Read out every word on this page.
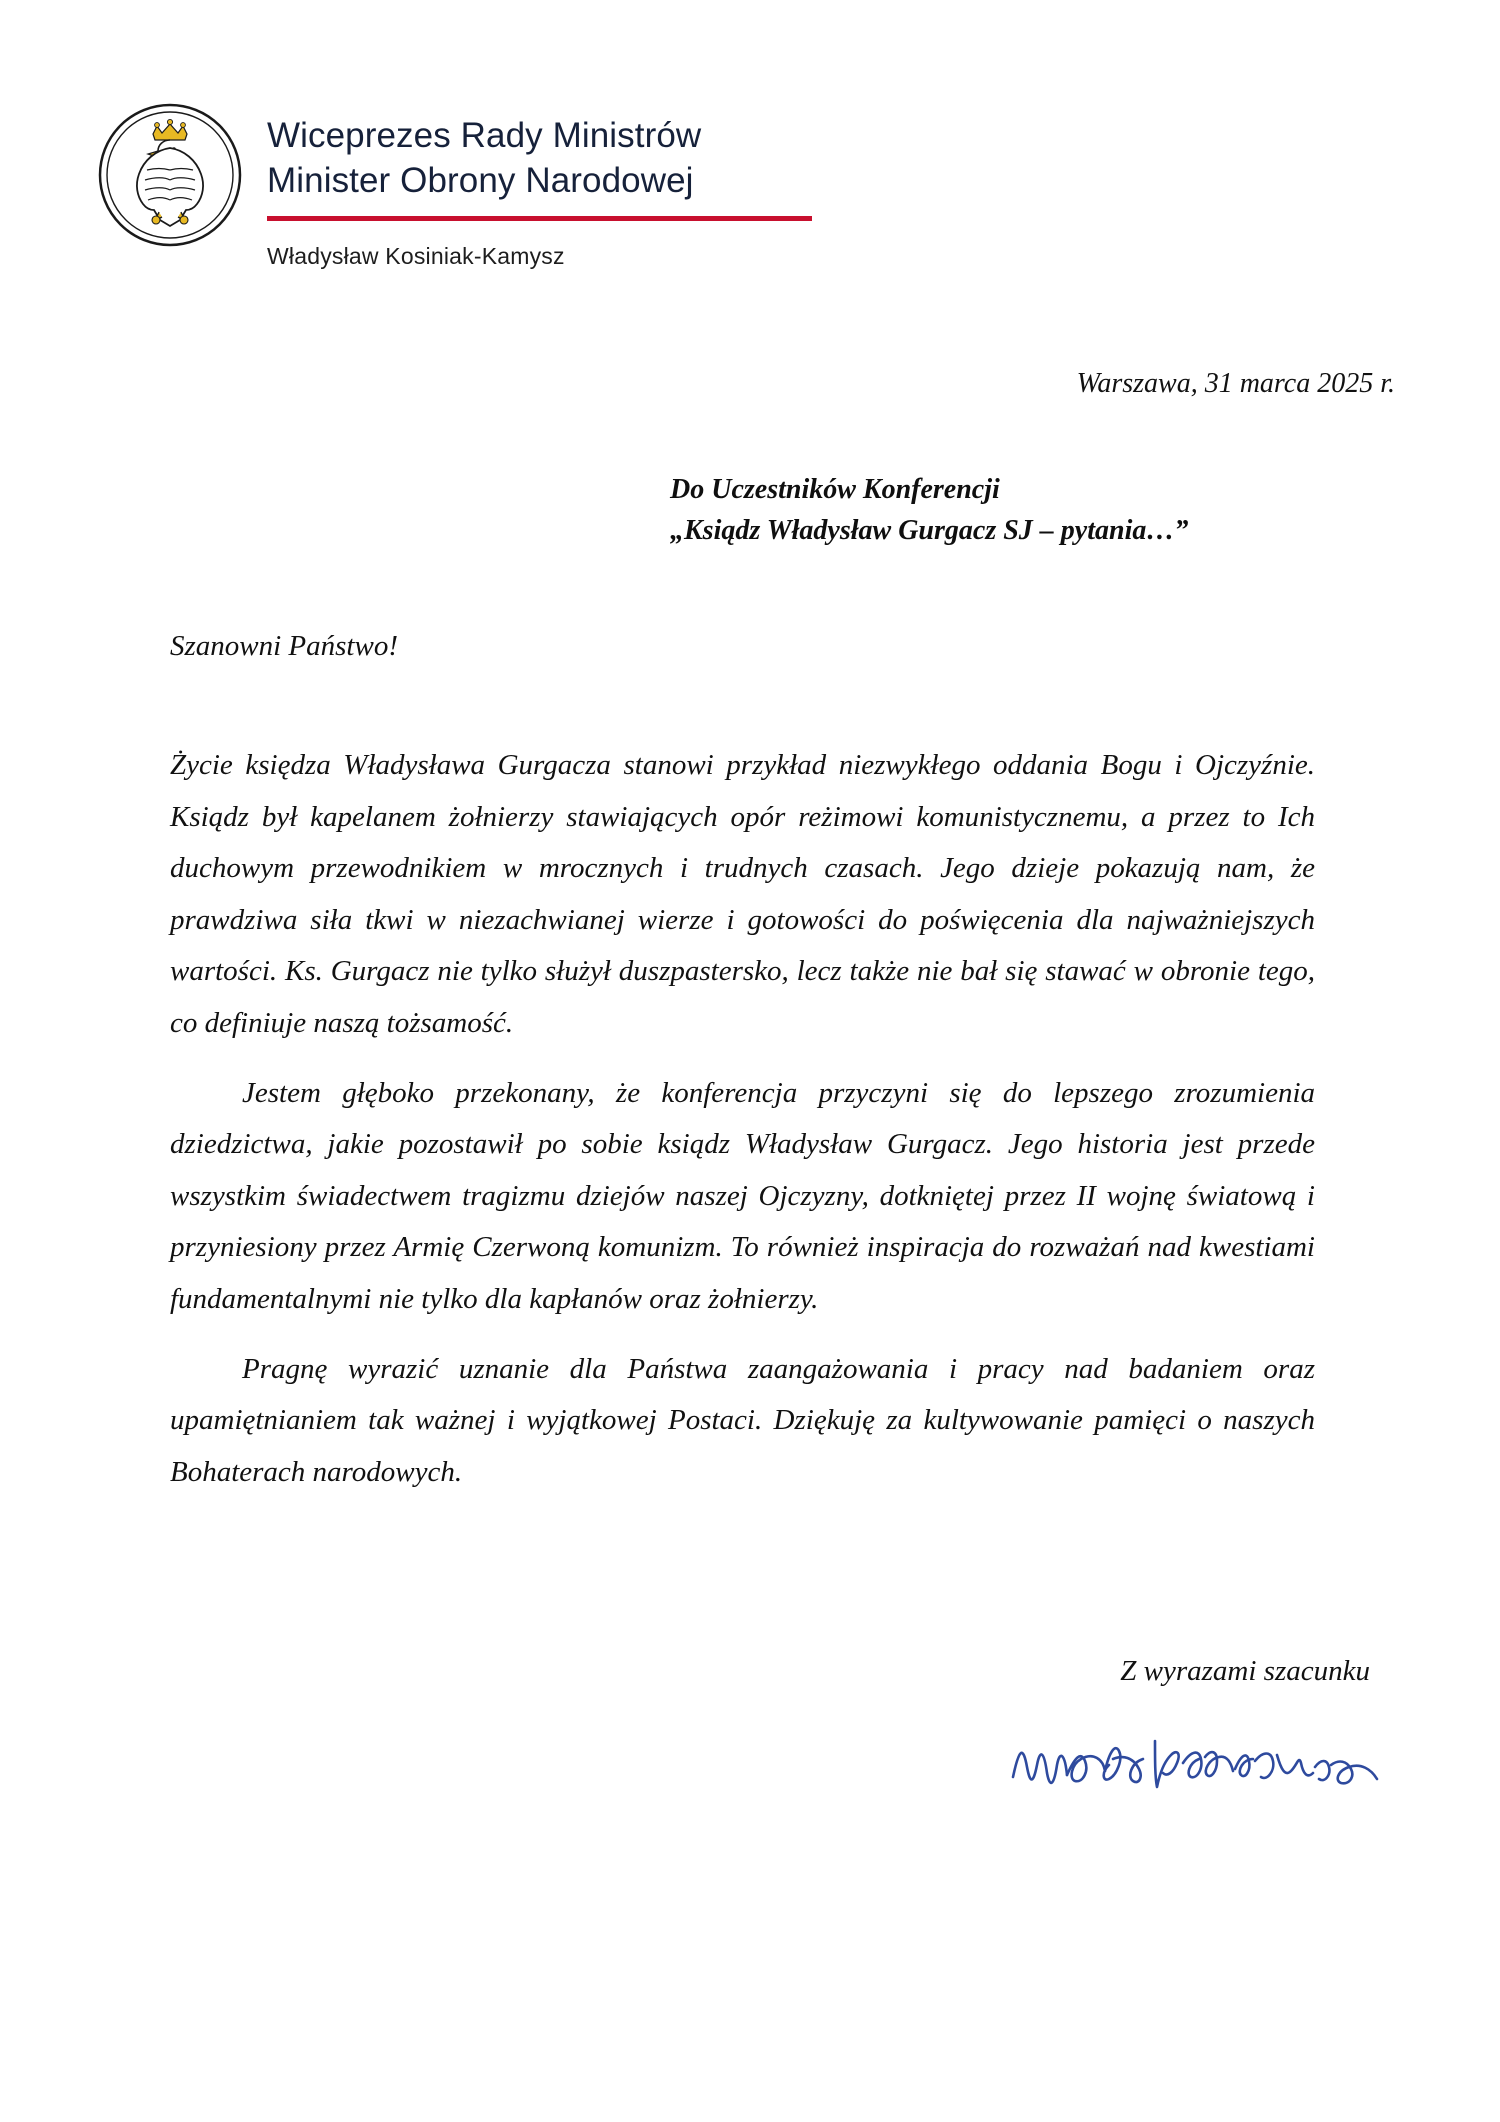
Wiceprezes Rady Ministrów
Minister Obrony Narodowej
Władysław Kosiniak-Kamysz
Warszawa, 31 marca 2025 r.
Do Uczestników Konferencji
„Ksiądz Władysław Gurgacz SJ – pytania…”
Szanowni Państwo!

Życie księdza Władysława Gurgacza stanowi przykład niezwykłego oddania Bogu i Ojczyźnie. Ksiądz był kapelanem żołnierzy stawiających opór reżimowi komunistycznemu, a przez to Ich duchowym przewodnikiem w mrocznych i trudnych czasach. Jego dzieje pokazują nam, że prawdziwa siła tkwi w niezachwianej wierze i gotowości do poświęcenia dla najważniejszych wartości. Ks. Gurgacz nie tylko służył duszpastersko, lecz także nie bał się stawać w obronie tego, co definiuje naszą tożsamość.

Jestem głęboko przekonany, że konferencja przyczyni się do lepszego zrozumienia dziedzictwa, jakie pozostawił po sobie ksiądz Władysław Gurgacz. Jego historia jest przede wszystkim świadectwem tragizmu dziejów naszej Ojczyzny, dotkniętej przez II wojnę światową i przyniesiony przez Armię Czerwoną komunizm. To również inspiracja do rozważań nad kwestiami fundamentalnymi nie tylko dla kapłanów oraz żołnierzy.

Pragnę wyrazić uznanie dla Państwa zaangażowania i pracy nad badaniem oraz upamiętnianiem tak ważnej i wyjątkowej Postaci. Dziękuję za kultywowanie pamięci o naszych Bohaterach narodowych.

Z wyrazami szacunku
